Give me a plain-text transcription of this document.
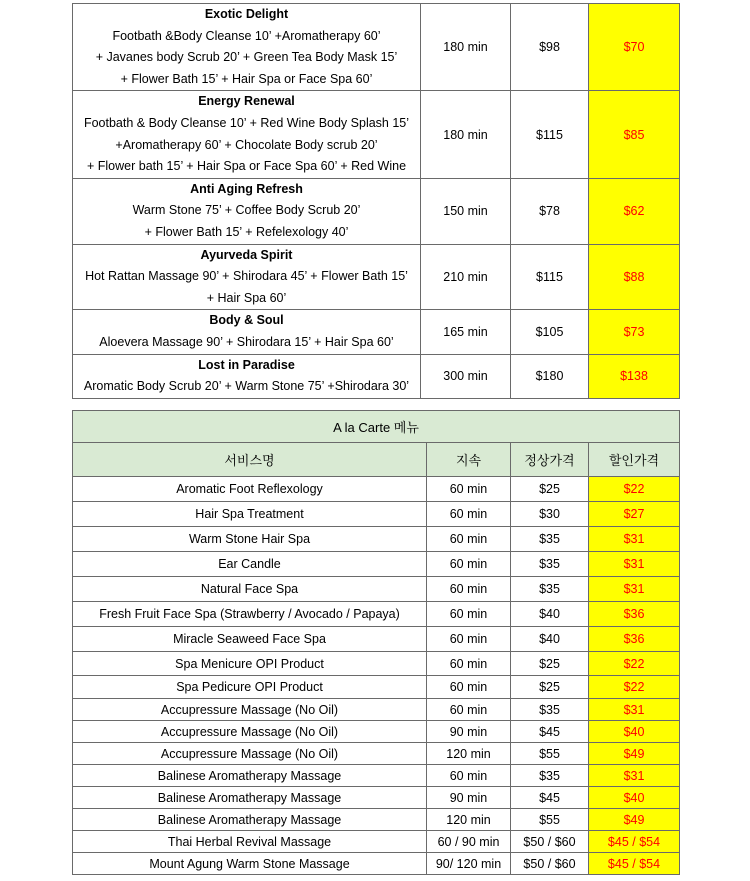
Exotic Delight
Footbath &Body Cleanse 10’ +Aromatherapy 60’
+ Javanes body Scrub 20’ + Green Tea Body Mask 15’
+ Flower Bath 15’ + Hair Spa or Face Spa 60’	180 min	$98	$70

Energy Renewal
Footbath & Body Cleanse 10’ + Red Wine Body Splash 15’
+Aromatherapy 60’ + Chocolate Body scrub 20’
+ Flower bath 15’ + Hair Spa or Face Spa 60’ + Red Wine	180 min	$115	$85

Anti Aging Refresh
Warm Stone 75’ + Coffee Body Scrub 20’
+ Flower Bath 15’ + Refelexology 40’	150 min	$78	$62

Ayurveda Spirit
Hot Rattan Massage 90’ + Shirodara 45’ + Flower Bath 15’
+ Hair Spa 60’	210 min	$115	$88

Body & Soul
Aloevera Massage 90’ + Shirodara 15’ + Hair Spa 60’	165 min	$105	$73

Lost in Paradise
Aromatic Body Scrub 20’ + Warm Stone 75’ +Shirodara 30’	300 min	$180	$138
A la Carte 메뉴			
서비스명	지속	정상가격	할인가격
Aromatic Foot Reflexology	60 min	$25	$22
Hair Spa Treatment	60 min	$30	$27
Warm Stone Hair Spa	60 min	$35	$31
Ear Candle	60 min	$35	$31
Natural Face Spa	60 min	$35	$31
Fresh Fruit Face Spa (Strawberry / Avocado / Papaya)	60 min	$40	$36
Miracle Seaweed Face Spa	60 min	$40	$36
Spa Menicure OPI Product	60 min	$25	$22
Spa Pedicure OPI Product	60 min	$25	$22
Accupressure Massage (No Oil)	60 min	$35	$31
Accupressure Massage (No Oil)	90 min	$45	$40
Accupressure Massage (No Oil)	120 min	$55	$49
Balinese Aromatherapy Massage	60 min	$35	$31
Balinese Aromatherapy Massage	90 min	$45	$40
Balinese Aromatherapy Massage	120 min	$55	$49
Thai Herbal Revival Massage	60 / 90 min	$50 / $60	$45 / $54
Mount Agung Warm Stone Massage	90/ 120 min	$50 / $60	$45 / $54
